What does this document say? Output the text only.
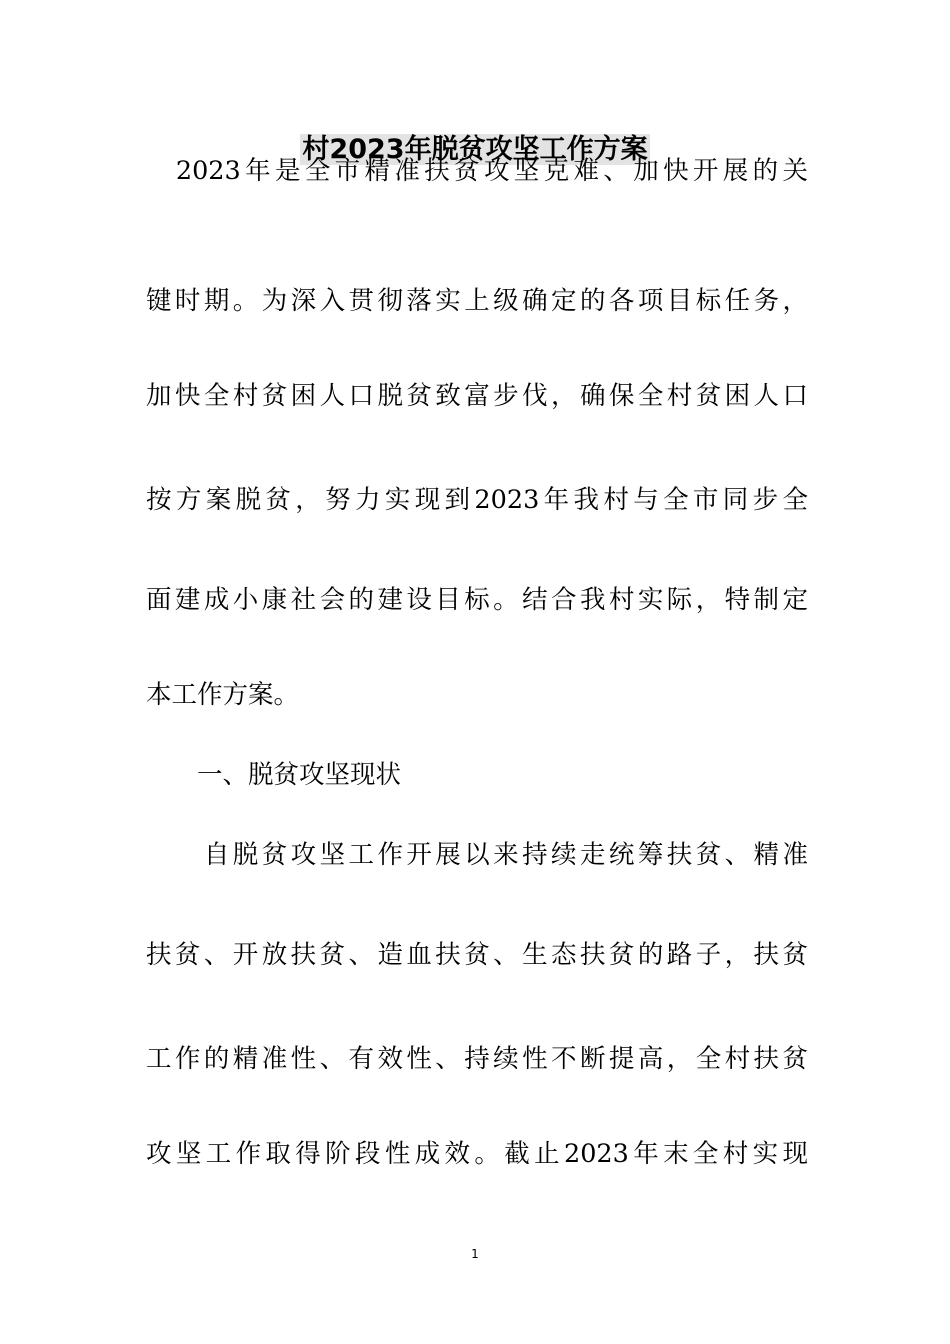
村2023年脱贫攻坚工作方案
　2023年是全市精准扶贫攻坚克难、加快开展的关
键时期。为深入贯彻落实上级确定的各项目标任务，
加快全村贫困人口脱贫致富步伐，确保全村贫困人口
按方案脱贫，努力实现到2023年我村与全市同步全
面建成小康社会的建设目标。结合我村实际，特制定
本工作方案。
　　一、脱贫攻坚现状
　　自脱贫攻坚工作开展以来持续走统筹扶贫、精准
扶贫、开放扶贫、造血扶贫、生态扶贫的路子，扶贫
工作的精准性、有效性、持续性不断提高，全村扶贫
攻坚工作取得阶段性成效。截止2023年末全村实现
1
